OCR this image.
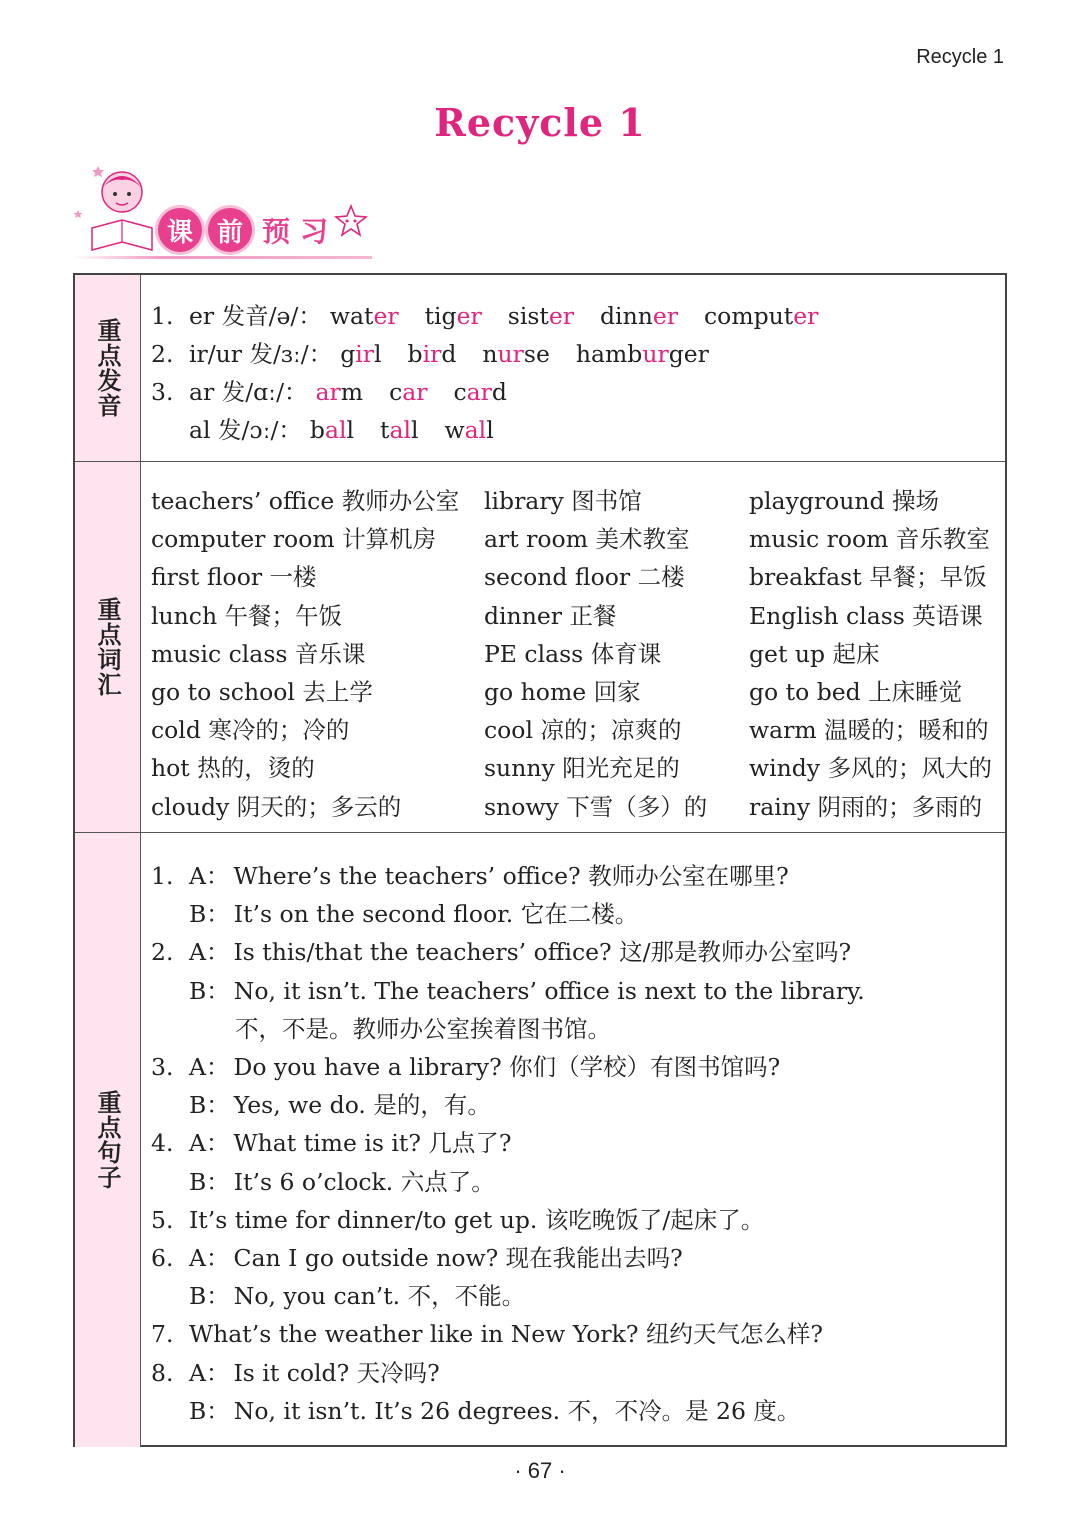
Recycle 1
Recycle 1
课 前 预 习
重点发音
1. er 发音/ə/： water tiger sister dinner computer
2. ir/ur 发/ɜː/： girl bird nurse hamburger
3. ar 发/ɑː/： arm car card
al 发/ɔː/： ball tall wall
重点词汇
teachers’ office 教师办公室 library 图书馆	playground 操场
computer room 计算机房 art room 美术教室	music room 音乐教室
first floor 一楼	second floor 二楼	breakfast 早餐；早饭
lunch 午餐；午饭	dinner 正餐	English class 英语课
music class 音乐课	PE class 体育课	get up 起床
go to school 去上学	go home 回家	go to bed 上床睡觉
cold 寒冷的；冷的	cool 凉的；凉爽的	warm 温暖的；暖和的
hot 热的，烫的	sunny 阳光充足的	windy 多风的；风大的
cloudy 阴天的；多云的	snowy 下雪（多）的 rainy 阴雨的；多雨的
重点句子
1. A： Where’s the teachers’ office? 教师办公室在哪里?
B： It’s on the second floor. 它在二楼。
2. A： Is this/that the teachers’ office? 这/那是教师办公室吗?
B： No, it isn’t. The teachers’ office is next to the library.
不，不是。教师办公室挨着图书馆。
3. A： Do you have a library? 你们（学校）有图书馆吗?
B： Yes, we do. 是的，有。
4. A： What time is it? 几点了?
B： It’s 6 o’clock. 六点了。
5. It’s time for dinner/to get up. 该吃晚饭了/起床了。
6. A： Can I go outside now? 现在我能出去吗?
B： No, you can’t. 不，不能。
7. What’s the weather like in New York? 纽约天气怎么样?
8. A： Is it cold? 天冷吗?
B： No, it isn’t. It’s 26 degrees. 不，不冷。是 26 度。
· 67 ·
